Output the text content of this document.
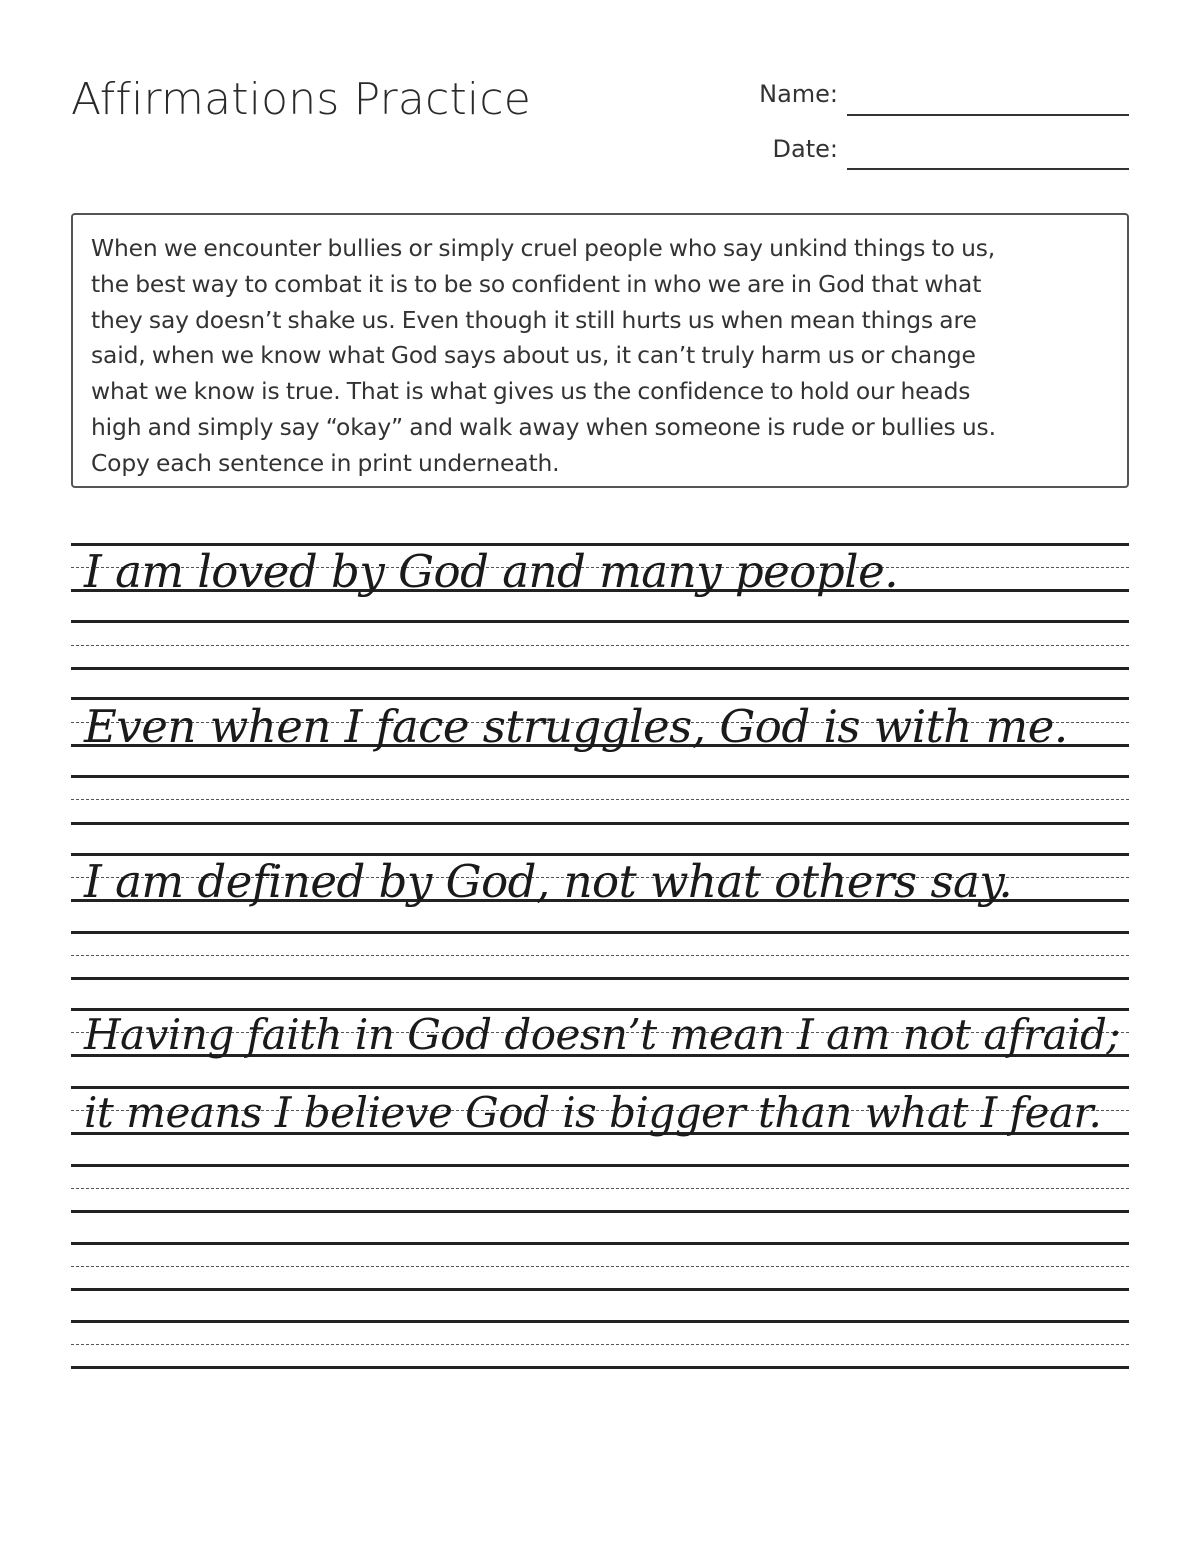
Affirmations Practice	Name:
Date:

When we encounter bullies or simply cruel people who say unkind things to us,
the best way to combat it is to be so confident in who we are in God that what
they say doesn’t shake us. Even though it still hurts us when mean things are
said, when we know what God says about us, it can’t truly harm us or change
what we know is true. That is what gives us the confidence to hold our heads
high and simply say “okay” and walk away when someone is rude or bullies us.
Copy each sentence in print underneath.

I am loved by God and many people.
Even when I face struggles, God is with me.
I am defined by God, not what others say.
Having faith in God doesn’t mean I am not afraid;
it means I believe God is bigger than what I fear.
